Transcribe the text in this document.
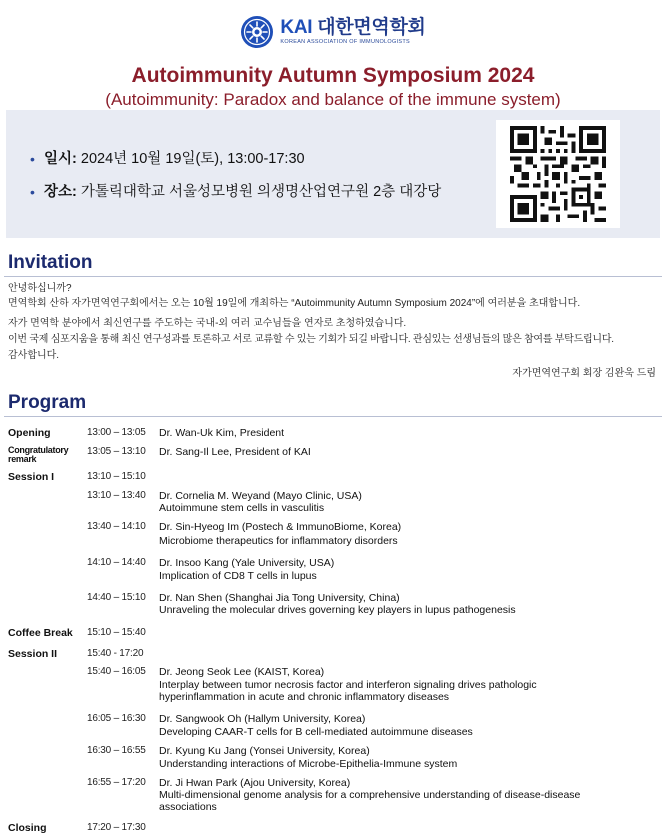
KAI 대한면역학회
KOREAN ASSOCIATION OF IMMUNOLOGISTS
Autoimmunity Autumn Symposium 2024
(Autoimmunity: Paradox and balance of the immune system)
• 일시: 2024년 10월 19일(토), 13:00-17:30
• 장소: 가톨릭대학교 서울성모병원 의생명산업연구원 2층 대강당
Invitation
안녕하십니까?
면역학회 산하 자가면역연구회에서는 오는 10월 19일에 개최하는 “Autoimmunity Autumn Symposium 2024”에 여러분을 초대합니다.
자가 면역학 분야에서 최신연구를 주도하는 국내-외 여러 교수님들을 연자로 초청하였습니다.
이번 국제 심포지움을 통해 최신 연구성과를 토론하고 서로 교류할 수 있는 기회가 되길 바랍니다. 관심있는 선생님들의 많은 참여를 부탁드립니다.
감사합니다.
자가면역연구회 회장 김완욱 드림
Program
Opening	13:00 – 13:05	Dr. Wan-Uk Kim, President
Congratulatory remark
13:05 – 13:10	Dr. Sang-Il Lee, President of KAI
Session I	13:10 – 15:10
13:10 – 13:40	Dr. Cornelia M. Weyand (Mayo Clinic, USA)
Autoimmune stem cells in vasculitis
13:40 – 14:10	Dr. Sin-Hyeog Im (Postech & ImmunoBiome, Korea)
Microbiome therapeutics for inflammatory disorders
14:10 – 14:40	Dr. Insoo Kang (Yale University, USA)
Implication of CD8 T cells in lupus
14:40 – 15:10	Dr. Nan Shen (Shanghai Jia Tong University, China)
Unraveling the molecular drives governing key players in lupus pathogenesis
Coffee Break	15:10 – 15:40
Session II	15:40 - 17:20
15:40 – 16:05	Dr. Jeong Seok Lee (KAIST, Korea)
Interplay between tumor necrosis factor and interferon signaling drives pathologic
hyperinflammation in acute and chronic inflammatory diseases
16:05 – 16:30	Dr. Sangwook Oh (Hallym University, Korea)
Developing CAAR-T cells for B cell-mediated autoimmune diseases
16:30 – 16:55	Dr. Kyung Ku Jang (Yonsei University, Korea)
Understanding interactions of Microbe-Epithelia-Immune system
16:55 – 17:20	Dr. Ji Hwan Park (Ajou University, Korea)
Multi-dimensional genome analysis for a comprehensive understanding of disease-disease
associations
Closing	17:20 – 17:30
